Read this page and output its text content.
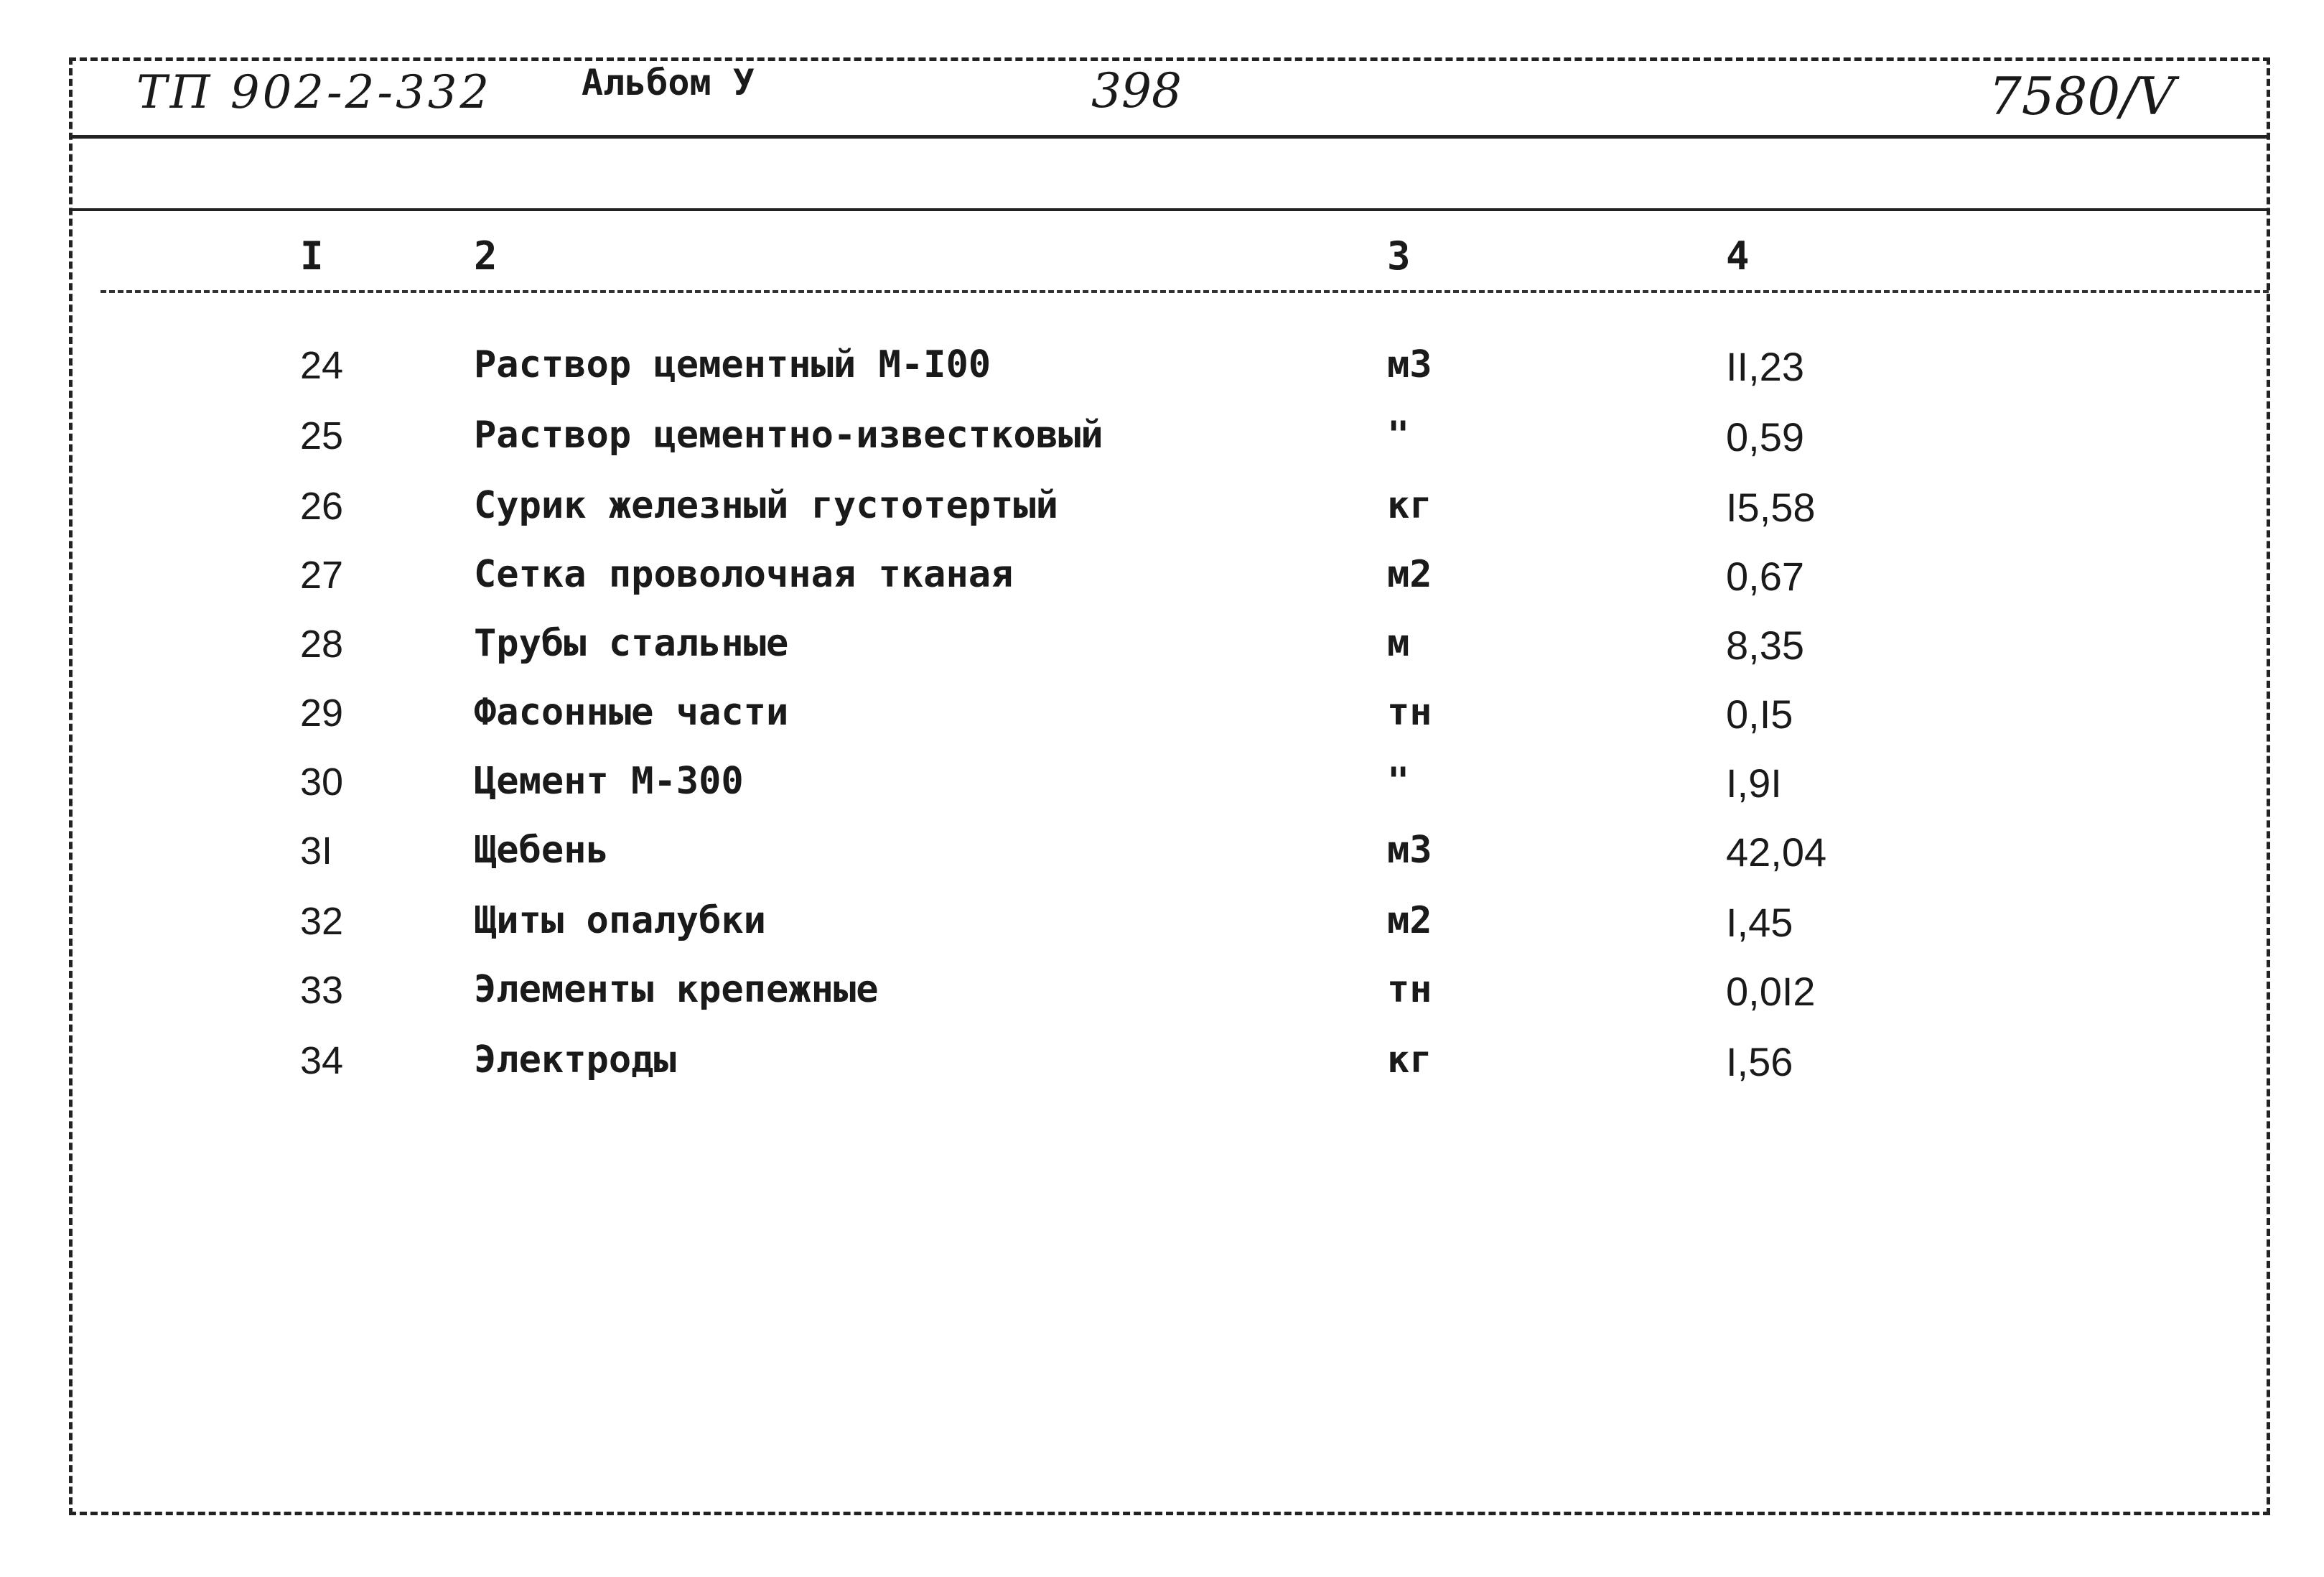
ТП 902-2-332 Альбом У	398	7580/V
I	2	3	4
24	Раствор цементный М-I00	м3	II,23
25	Раствор цементно-известковый	"	0,59
26	Сурик железный густотертый	кг	I5,58
27	Сетка проволочная тканая	м2	0,67
28	Трубы стальные	м	8,35
29	Фасонные части	тн	0,I5
30	Цемент М-300	"	I,9I
3I	Щебень	м3	42,04
32	Щиты опалубки	м2	I,45
33	Элементы крепежные	тн	0,0I2
34	Электроды	кг	I,56
